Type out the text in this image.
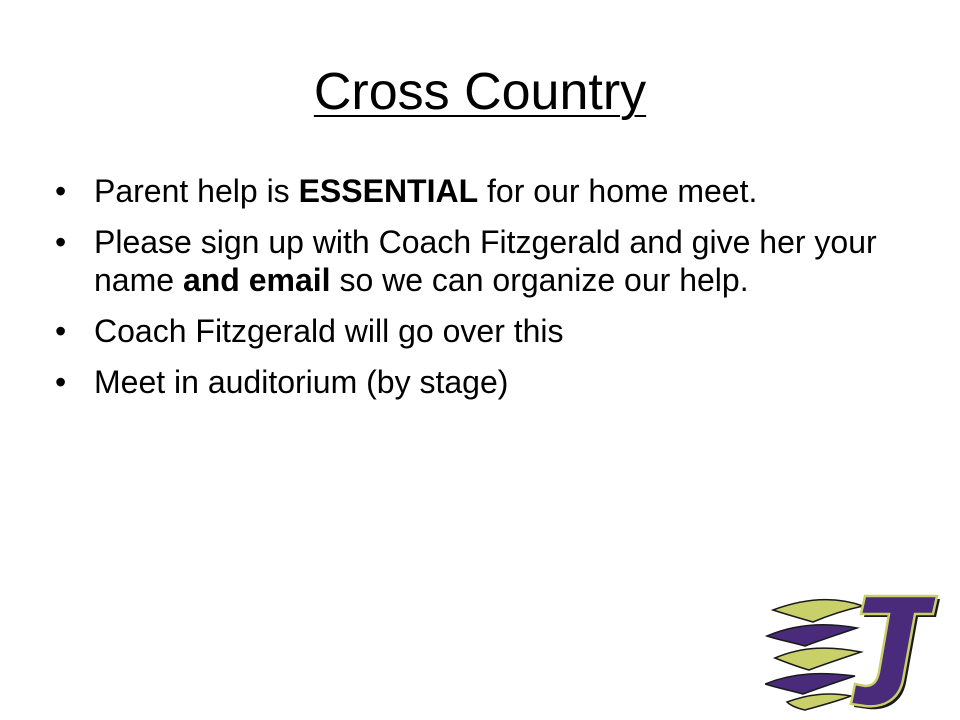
Cross Country
• Parent help is ESSENTIAL for our home meet.
• Please sign up with Coach Fitzgerald and give her your name and email so we can organize our help.
• Coach Fitzgerald will go over this
• Meet in auditorium (by stage)
